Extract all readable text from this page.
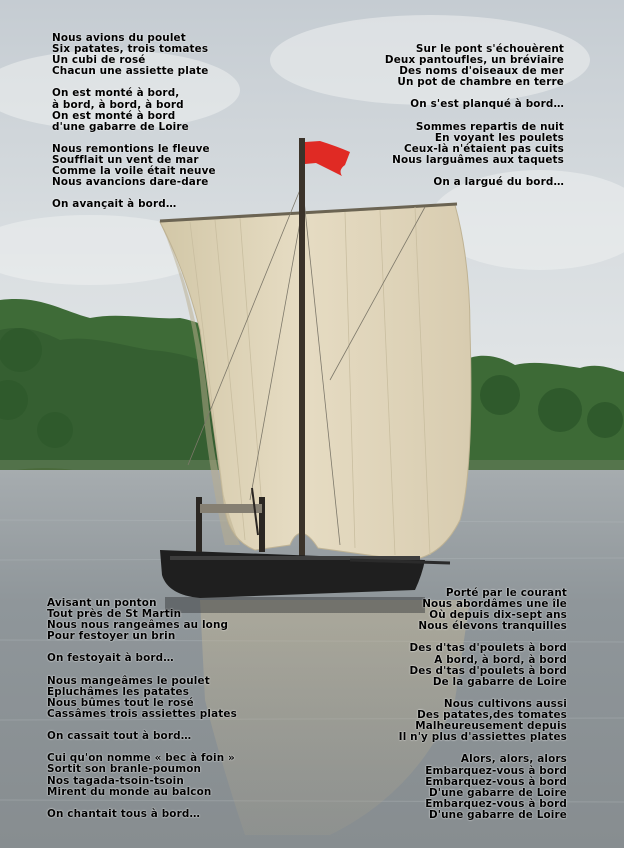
Nous avions du poulet
Six patates, trois tomates
Un cubi de rosé
Chacun une assiette plate
On est monté à bord,
à bord, à bord, à bord
On est monté à bord
d'une gabarre de Loire
Nous remontions le fleuve
Soufflait un vent de mar
Comme la voile était neuve
Nous avancions dare-dare
On avançait à bord…
Sur le pont s'échouèrent
Deux pantoufles, un bréviaire
Des noms d'oiseaux de mer
Un pot de chambre en terre
On s'est planqué à bord…
Sommes repartis de nuit
En voyant les poulets
Ceux-là n'étaient pas cuits
Nous larguâmes aux taquets
On a largué du bord…
Avisant un ponton
Tout près de St Martin
Nous nous rangeâmes au long
Pour festoyer un brin
On festoyait à bord…
Nous mangeâmes le poulet
Epluchâmes les patates
Nous bûmes tout le rosé
Cassâmes trois assiettes plates
On cassait tout à bord…
Cui qu'on nomme « bec à foin »
Sortit son branle-poumon
Nos tagada-tsoin-tsoin
Mirent du monde au balcon
On chantait tous à bord…
Porté par le courant
Nous abordâmes une île
Où depuis dix-sept ans
Nous élevons tranquilles
Des d'tas d'poulets à bord
A bord, à bord, à bord
Des d'tas d'poulets à bord
De la gabarre de Loire
Nous cultivons aussi
Des patates,des tomates
Malheureusement depuis
Il n'y plus d'assiettes plates
Alors, alors, alors
Embarquez-vous à bord
Embarquez-vous à bord
D'une gabarre de Loire
Embarquez-vous à bord
D'une gabarre de Loire
